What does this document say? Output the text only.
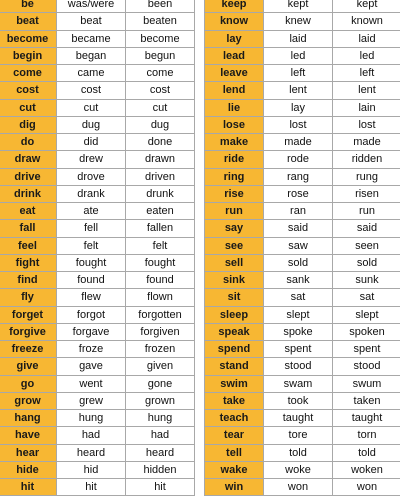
be	was/were	been
beat	beat	beaten
become	became	become
begin	began	begun
come	came	come
cost	cost	cost
cut	cut	cut
dig	dug	dug
do	did	done
draw	drew	drawn
drive	drove	driven
drink	drank	drunk
eat	ate	eaten
fall	fell	fallen
feel	felt	felt
fight	fought	fought
find	found	found
fly	flew	flown
forget	forgot	forgotten
forgive	forgave	forgiven
freeze	froze	frozen
give	gave	given
go	went	gone
grow	grew	grown
hang	hung	hung
have	had	had
hear	heard	heard
hide	hid	hidden
hit	hit	hit
keep	kept	kept
know	knew	known
lay	laid	laid
lead	led	led
leave	left	left
lend	lent	lent
lie	lay	lain
lose	lost	lost
make	made	made
ride	rode	ridden
ring	rang	rung
rise	rose	risen
run	ran	run
say	said	said
see	saw	seen
sell	sold	sold
sink	sank	sunk
sit	sat	sat
sleep	slept	slept
speak	spoke	spoken
spend	spent	spent
stand	stood	stood
swim	swam	swum
take	took	taken
teach	taught	taught
tear	tore	torn
tell	told	told
wake	woke	woken
win	won	won
